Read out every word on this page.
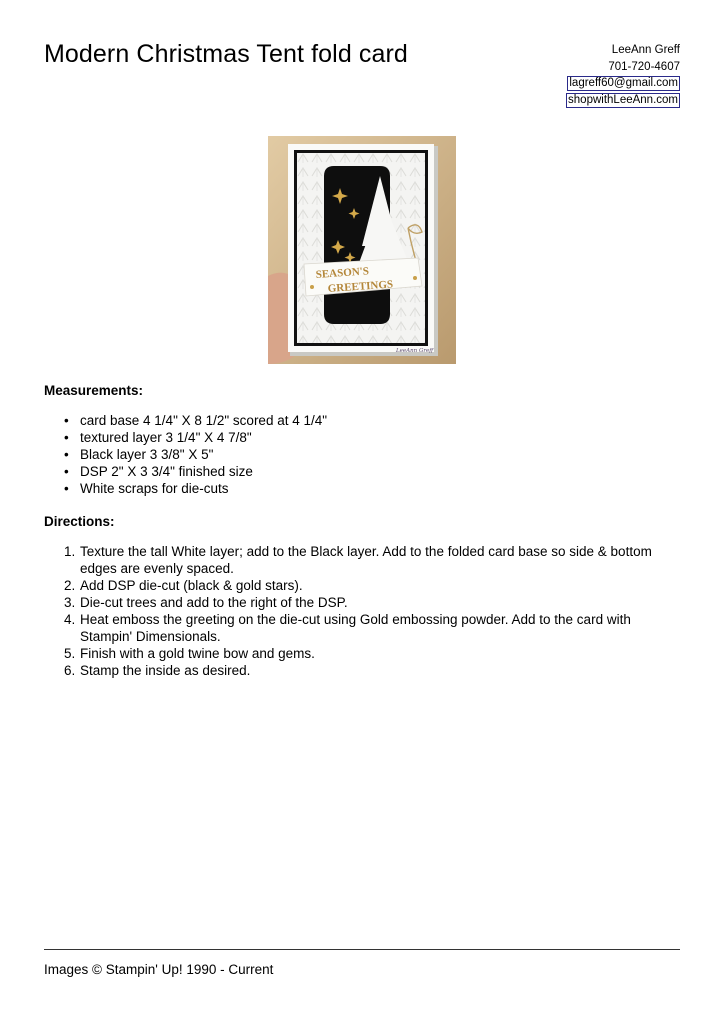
Modern Christmas Tent fold card	LeeAnn Greff
701-720-4607
lagreff60@gmail.com
shopwithLeeAnn.com
SEASON'S
GREETINGS
LeeAnn Greff
Measurements:
• card base 4 1/4" X 8 1/2" scored at 4 1/4"
• textured layer 3 1/4" X 4 7/8"
• Black layer 3 3/8" X 5"
• DSP 2" X 3 3/4" finished size
• White scraps for die-cuts
Directions:
1. Texture the tall White layer; add to the Black layer. Add to the folded card base so side & bottom edges are evenly spaced.
2. Add DSP die-cut (black & gold stars).
3. Die-cut trees and add to the right of the DSP.
4. Heat emboss the greeting on the die-cut using Gold embossing powder. Add to the card with Stampin' Dimensionals.
5. Finish with a gold twine bow and gems.
6. Stamp the inside as desired.
Images © Stampin' Up! 1990 - Current
